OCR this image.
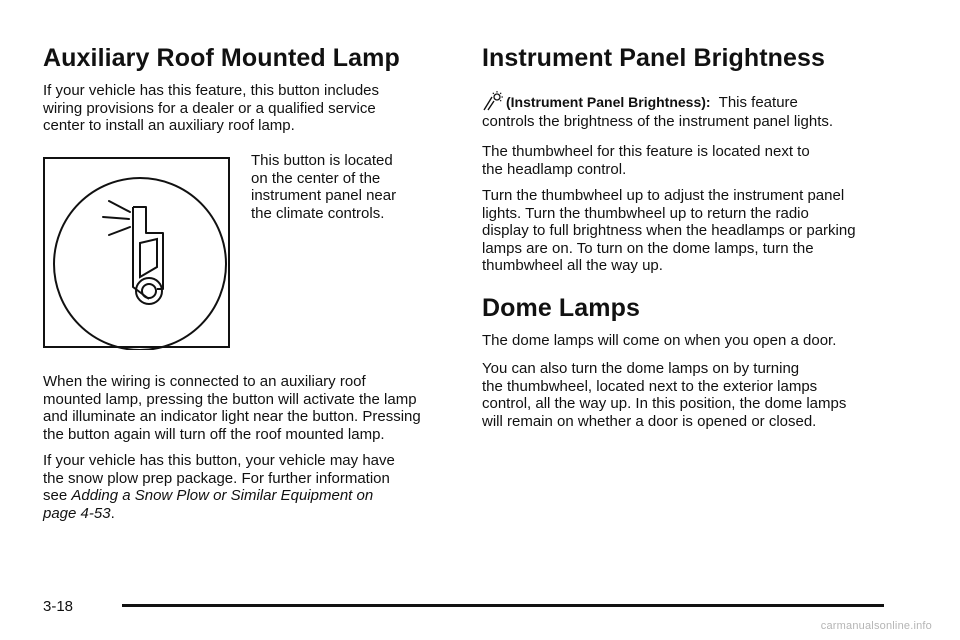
Auxiliary Roof Mounted Lamp

If your vehicle has this feature, this button includes
wiring provisions for a dealer or a qualified service
center to install an auxiliary roof lamp.

This button is located
on the center of the
instrument panel near
the climate controls.

When the wiring is connected to an auxiliary roof
mounted lamp, pressing the button will activate the lamp
and illuminate an indicator light near the button. Pressing
the button again will turn off the roof mounted lamp.

If your vehicle has this button, your vehicle may have
the snow plow prep package. For further information
see Adding a Snow Plow or Similar Equipment on
page 4-53.

Instrument Panel Brightness

(Instrument Panel Brightness): This feature

controls the brightness of the instrument panel lights.

The thumbwheel for this feature is located next to
the headlamp control.

Turn the thumbwheel up to adjust the instrument panel
lights. Turn the thumbwheel up to return the radio
display to full brightness when the headlamps or parking
lamps are on. To turn on the dome lamps, turn the
thumbwheel all the way up.

Dome Lamps

The dome lamps will come on when you open a door.

You can also turn the dome lamps on by turning
the thumbwheel, located next to the exterior lamps
control, all the way up. In this position, the dome lamps
will remain on whether a door is opened or closed.

3-18
carmanualsonline.info
